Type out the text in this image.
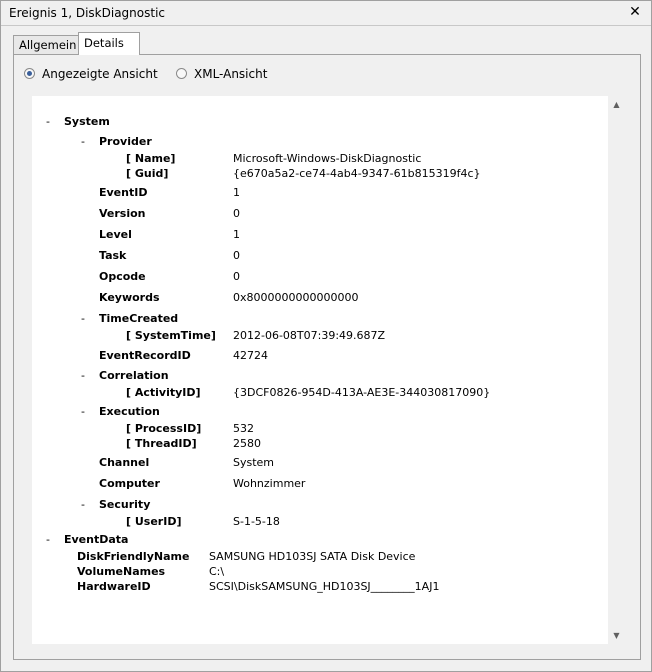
Ereignis 1, DiskDiagnostic	✕
Allgemein Details
Angezeigte Ansicht	XML-Ansicht
- System
- Provider
[ Name]	Microsoft-Windows-DiskDiagnostic
[ Guid]	{e670a5a2-ce74-4ab4-9347-61b815319f4c}
EventID	1
Version	0
Level	1
Task	0
Opcode	0
Keywords	0x8000000000000000
- TimeCreated
[ SystemTime] 2012-06-08T07:39:49.687Z
EventRecordID	42724
- Correlation
[ ActivityID]	{3DCF0826-954D-413A-AE3E-344030817090}
- Execution
[ ProcessID]	532
[ ThreadID]	2580
Channel	System
Computer	Wohnzimmer
- Security
[ UserID]	S-1-5-18
- EventData
DiskFriendlyName SAMSUNG HD103SJ SATA Disk Device
VolumeNames	C:\
HardwareID	SCSI\DiskSAMSUNG_HD103SJ________1AJ1
▲
▼
